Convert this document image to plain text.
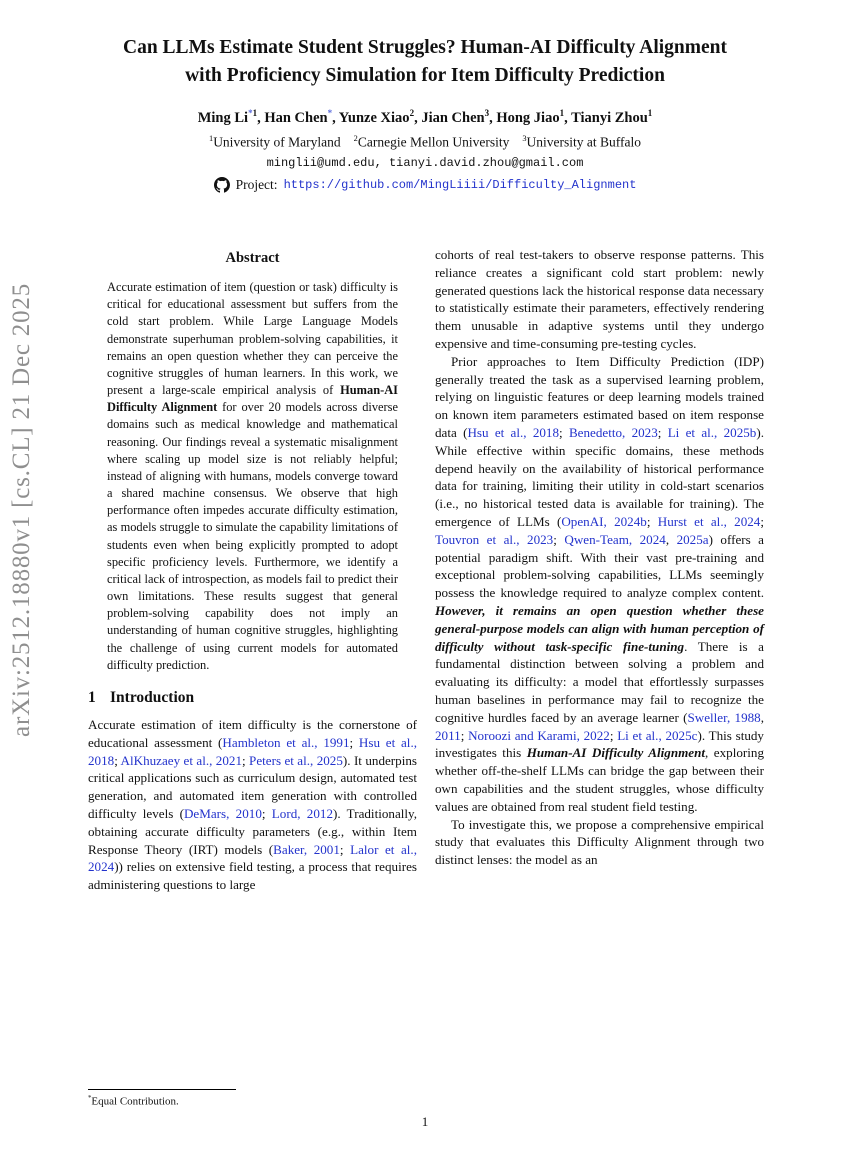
arXiv:2512.18880v1 [cs.CL] 21 Dec 2025
Can LLMs Estimate Student Struggles? Human-AI Difficulty Alignment
with Proficiency Simulation for Item Difficulty Prediction
Ming Li$^{*1}$, Han Chen*, Yunze Xiao$^2$, Jian Chen$^3$, Hong Jiao$^1$, Tianyi Zhou$^1$
$^1$University of Maryland $^2$Carnegie Mellon University $^3$University at Buffalo
minglii@umd.edu, tianyi.david.zhou@gmail.com
Project: https://github.com/MingLiiii/Difficulty_Alignment
Abstract
Accurate estimation of item (question or task) difficulty is critical for educational assessment but suffers from the cold start problem. While Large Language Models demonstrate superhuman problem-solving capabilities, it remains an open question whether they can perceive the cognitive struggles of human learners. In this work, we present a large-scale empirical analysis of Human-AI Difficulty Alignment for over 20 models across diverse domains such as medical knowledge and mathematical reasoning. Our findings reveal a systematic misalignment where scaling up model size is not reliably helpful; instead of aligning with humans, models converge toward a shared machine consensus. We observe that high performance often impedes accurate difficulty estimation, as models struggle to simulate the capability limitations of students even when being explicitly prompted to adopt specific proficiency levels. Furthermore, we identify a critical lack of introspection, as models fail to predict their own limitations. These results suggest that general problem-solving capability does not imply an understanding of human cognitive struggles, highlighting the challenge of using current models for automated difficulty prediction.
1 Introduction

Accurate estimation of item difficulty is the cornerstone of educational assessment (Hambleton et al., 1991; Hsu et al., 2018; AlKhuzaey et al., 2021; Peters et al., 2025). It underpins critical applications such as curriculum design, automated test generation, and automated item generation with controlled difficulty levels (DeMars, 2010; Lord, 2012). Traditionally, obtaining accurate difficulty parameters (e.g., within Item Response Theory (IRT) models (Baker, 2001; Lalor et al., 2024)) relies on extensive field testing, a process that requires administering questions to large

*Equal Contribution.

cohorts of real test-takers to observe response patterns. This reliance creates a significant cold start problem: newly generated questions lack the historical response data necessary to statistically estimate their parameters, effectively rendering them unusable in adaptive systems until they undergo expensive and time-consuming pre-testing cycles.

Prior approaches to Item Difficulty Prediction (IDP) generally treated the task as a supervised learning problem, relying on linguistic features or deep learning models trained on known item parameters estimated based on item response data (Hsu et al., 2018; Benedetto, 2023; Li et al., 2025b). While effective within specific domains, these methods depend heavily on the availability of historical performance data for training, limiting their utility in cold-start scenarios (i.e., no historical tested data is available for training). The emergence of LLMs (OpenAI, 2024b; Hurst et al., 2024; Touvron et al., 2023; Qwen-Team, 2024, 2025a) offers a potential paradigm shift. With their vast pre-training and exceptional problem-solving capabilities, LLMs seemingly possess the knowledge required to analyze complex content. However, it remains an open question whether these general-purpose models can align with human perception of difficulty without task-specific fine-tuning. There is a fundamental distinction between solving a problem and evaluating its difficulty: a model that effortlessly surpasses human baselines in performance may fail to recognize the cognitive hurdles faced by an average learner (Sweller, 1988, 2011; Noroozi and Karami, 2022; Li et al., 2025c). This study investigates this Human-AI Difficulty Alignment, exploring whether off-the-shelf LLMs can bridge the gap between their own capabilities and the student struggles, whose difficulty values are obtained from real student field testing.

To investigate this, we propose a comprehensive empirical study that evaluates this Difficulty Alignment through two distinct lenses: the model as an

1
